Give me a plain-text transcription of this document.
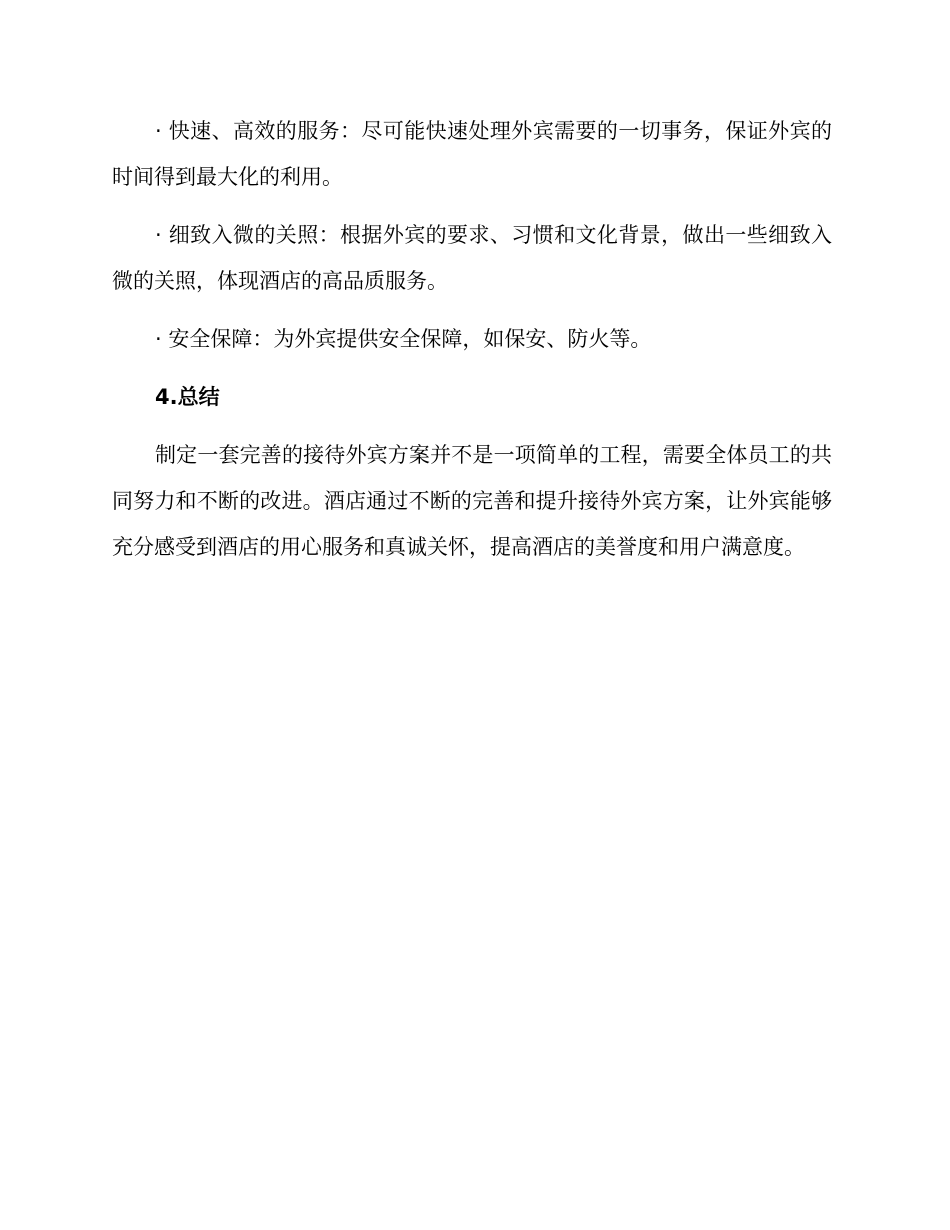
· 快速、高效的服务：尽可能快速处理外宾需要的一切事务，保证外宾的时间得到最大化的利用。

· 细致入微的关照：根据外宾的要求、习惯和文化背景，做出一些细致入微的关照，体现酒店的高品质服务。

· 安全保障：为外宾提供安全保障，如保安、防火等。

4.总结

制定一套完善的接待外宾方案并不是一项简单的工程，需要全体员工的共同努力和不断的改进。酒店通过不断的完善和提升接待外宾方案，让外宾能够充分感受到酒店的用心服务和真诚关怀，提高酒店的美誉度和用户满意度。
